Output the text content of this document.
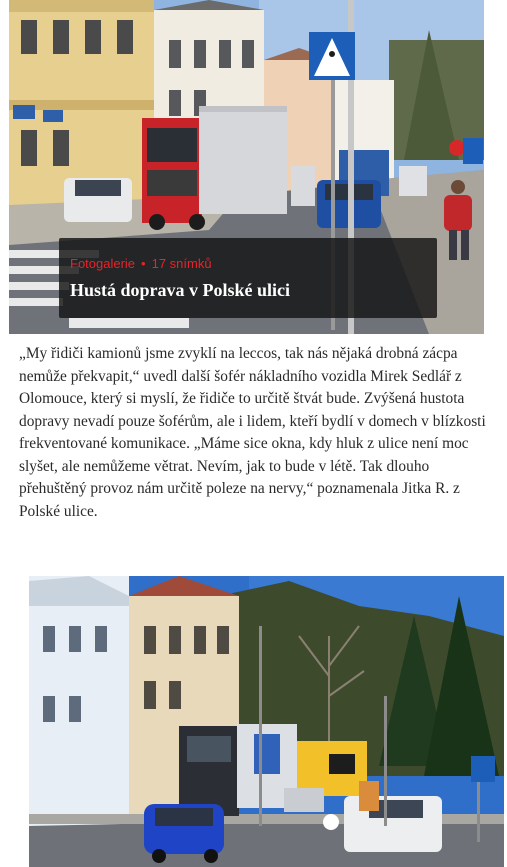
Fotogalerie • 17 snímků
Hustá doprava v Polské ulici

„My řidiči kamionů jsme zvyklí na leccos, tak nás nějaká drobná zácpa nemůže překvapit,“ uvedl další šofér nákladního vozidla Mirek Sedlář z Olomouce, který si myslí, že řidiče to určitě štvát bude. Zvýšená hustota dopravy nevadí pouze šoférům, ale i lidem, kteří bydlí v domech v blízkosti frekventované komunikace. „Máme sice okna, kdy hluk z ulice není moc slyšet, ale nemůžeme větrat. Nevím, jak to bude v létě. Tak dlouho přehuštěný provoz nám určitě poleze na nervy,“ poznamenala Jitka R. z Polské ulice.
